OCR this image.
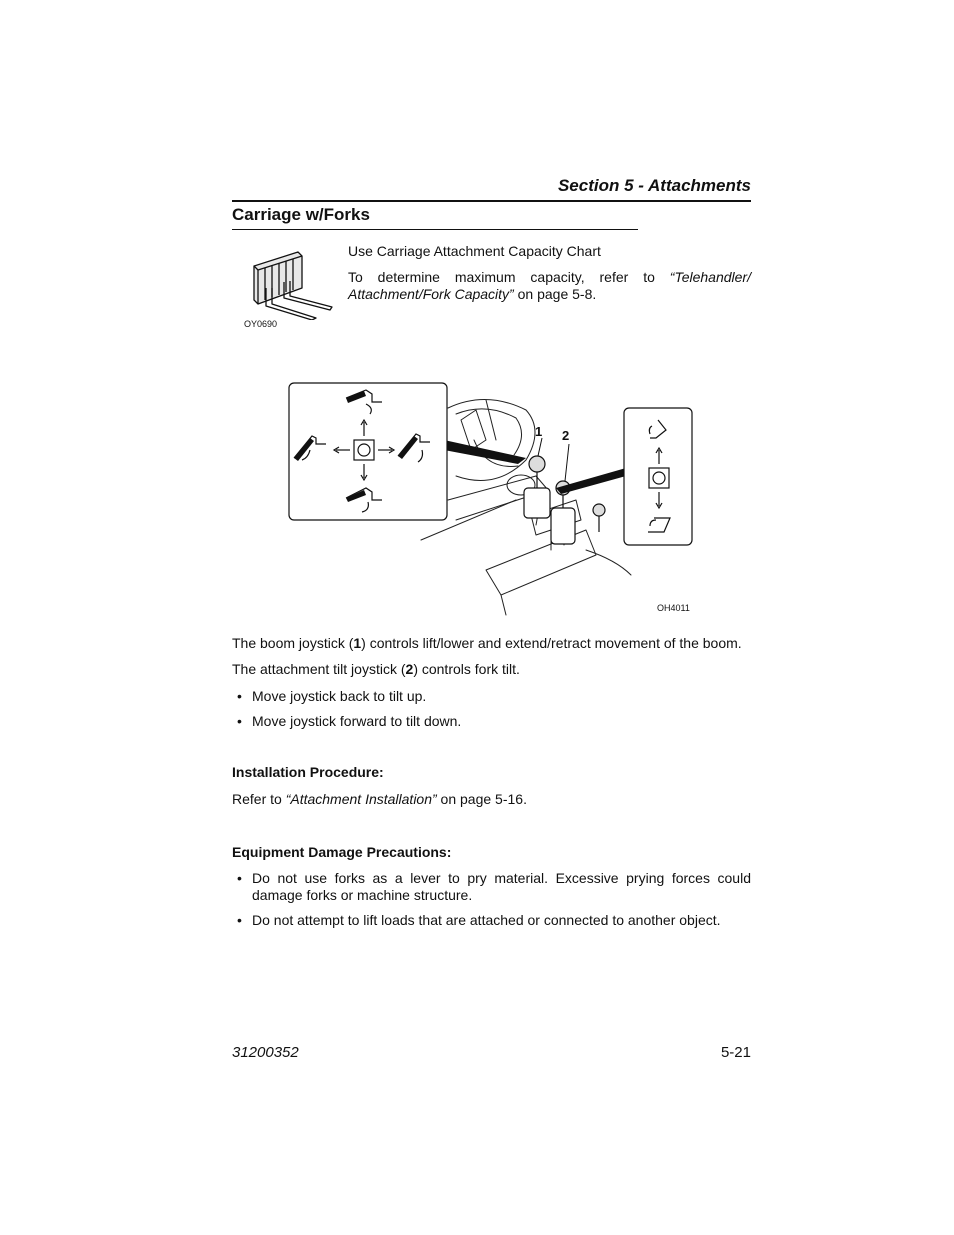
Section 5 - Attachments
Carriage w/Forks
OY0690
Use Carriage Attachment Capacity Chart
To determine maximum capacity, refer to “Telehandler/ Attachment/Fork Capacity” on page 5-8.
1 2
OH4011
The boom joystick (1) controls lift/lower and extend/retract movement of the boom.
The attachment tilt joystick (2) controls fork tilt.
• Move joystick back to tilt up.
• Move joystick forward to tilt down.
Installation Procedure:
Refer to “Attachment Installation” on page 5-16.
Equipment Damage Precautions:
• Do not use forks as a lever to pry material. Excessive prying forces could damage forks or machine structure.
• Do not attempt to lift loads that are attached or connected to another object.
31200352	5-21
